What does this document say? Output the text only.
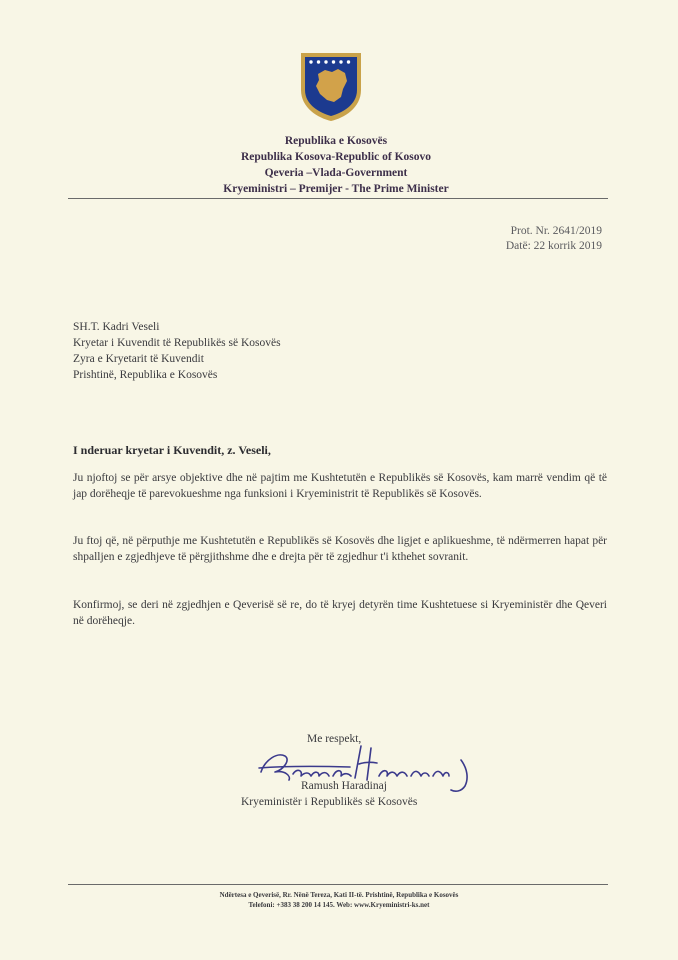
Republika e Kosovës
Republika Kosova-Republic of Kosovo
Qeveria –Vlada-Government
Kryeministri – Premijer - The Prime Minister
Prot. Nr. 2641/2019
Datë: 22 korrik 2019
SH.T. Kadri Veseli
Kryetar i Kuvendit të Republikës së Kosovës
Zyra e Kryetarit të Kuvendit
Prishtinë, Republika e Kosovës
I nderuar kryetar i Kuvendit, z. Veseli,
Ju njoftoj se për arsye objektive dhe në pajtim me Kushtetutën e Republikës së Kosovës, kam marrë vendim që të jap dorëheqje të parevokueshme nga funksioni i Kryeministrit të Republikës së Kosovës.
Ju ftoj që, në përputhje me Kushtetutën e Republikës së Kosovës dhe ligjet e aplikueshme, të ndërmerren hapat për shpalljen e zgjedhjeve të përgjithshme dhe e drejta për të zgjedhur t'i kthehet sovranit.
Konfirmoj, se deri në zgjedhjen e Qeverisë së re, do të kryej detyrën time Kushtetuese si Kryeministër dhe Qeveri në dorëheqje.
Me respekt,
Ramush Haradinaj
Kryeministër i Republikës së Kosovës
Ndërtesa e Qeverisë, Rr. Nënë Tereza, Kati II-të. Prishtinë, Republika e Kosovës
Telefoni: +383 38 200 14 145. Web: www.Kryeministri-ks.net
